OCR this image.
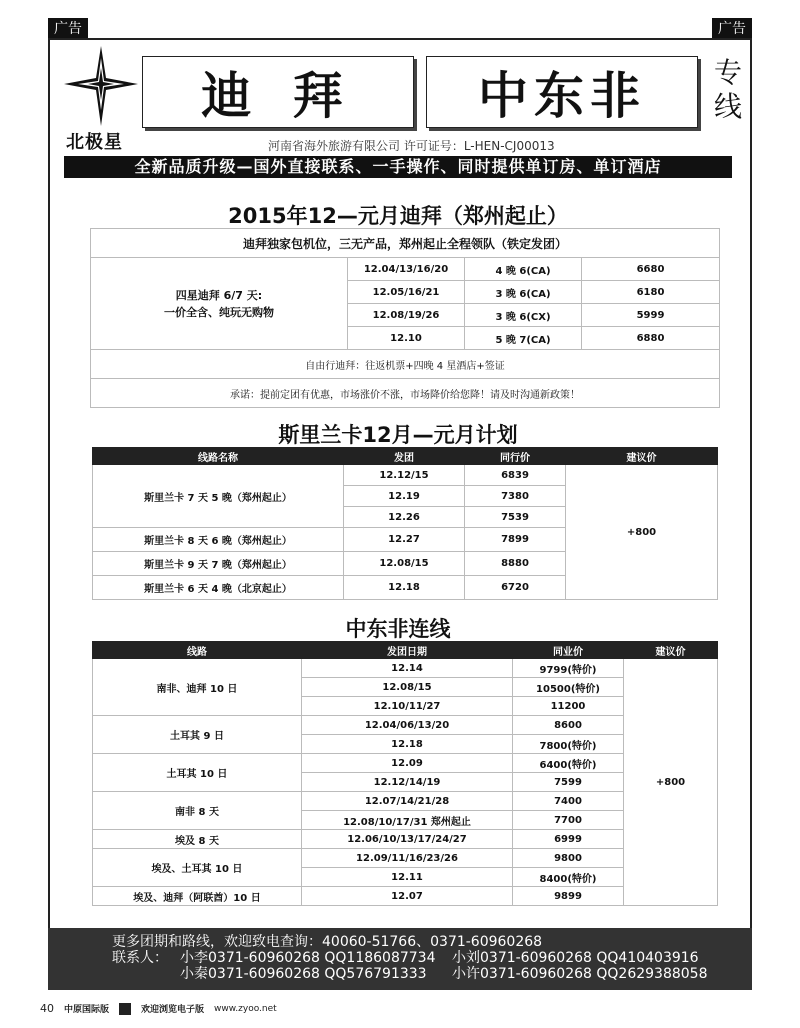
广告	广告
北极星
迪 拜	中东非	专线
河南省海外旅游有限公司 许可证号：L-HEN-CJ00013
全新品质升级—国外直接联系、一手操作、同时提供单订房、单订酒店
2015年12—元月迪拜（郑州起止）
迪拜独家包机位，三无产品，郑州起止全程领队（铁定发团）			

四星迪拜 6/7 天:
一价全含、纯玩无购物	12.04/13/16/20	4 晚 6(CA)	6680
	12.05/16/21	3 晚 6(CA)	6180
	12.08/19/26	3 晚 6(CX)	5999
	12.10	5 晚 7(CA)	6880
自由行迪拜：往返机票+四晚 4 星酒店+签证			
承诺：提前定团有优惠，市场涨价不涨，市场降价给您降！请及时沟通新政策！			
斯里兰卡12月—元月计划
线路名称	发团	同行价	建议价
斯里兰卡 7 天 5 晚（郑州起止）	12.12/15	6839	+800
	12.19	7380	
	12.26	7539	
斯里兰卡 8 天 6 晚（郑州起止）	12.27	7899	
斯里兰卡 9 天 7 晚（郑州起止）	12.08/15	8880	
斯里兰卡 6 天 4 晚（北京起止）	12.18	6720	
中东非连线
线路	发团日期	同业价	建议价
南非、迪拜 10 日	12.14	9799(特价)	+800
	12.08/15	10500(特价)	
	12.10/11/27	11200	
土耳其 9 日	12.04/06/13/20	8600	
	12.18	7800(特价)	
土耳其 10 日	12.09	6400(特价)	
	12.12/14/19	7599	
南非 8 天	12.07/14/21/28	7400	
	12.08/10/17/31 郑州起止	7700	
埃及 8 天	12.06/10/13/17/24/27	6999	
埃及、土耳其 10 日	12.09/11/16/23/26	9800	
	12.11	8400(特价)	
埃及、迪拜（阿联酋）10 日	12.07	9899	
更多团期和路线，欢迎致电查询：40060-51766、0371-60960268
联系人： 小李0371-60960268 QQ1186087734	小刘0371-60960268 QQ410403916
小秦0371-60960268 QQ576791333	小许0371-60960268 QQ2629388058
40 中原国际版	欢迎浏览电子版 www.zyoo.net
